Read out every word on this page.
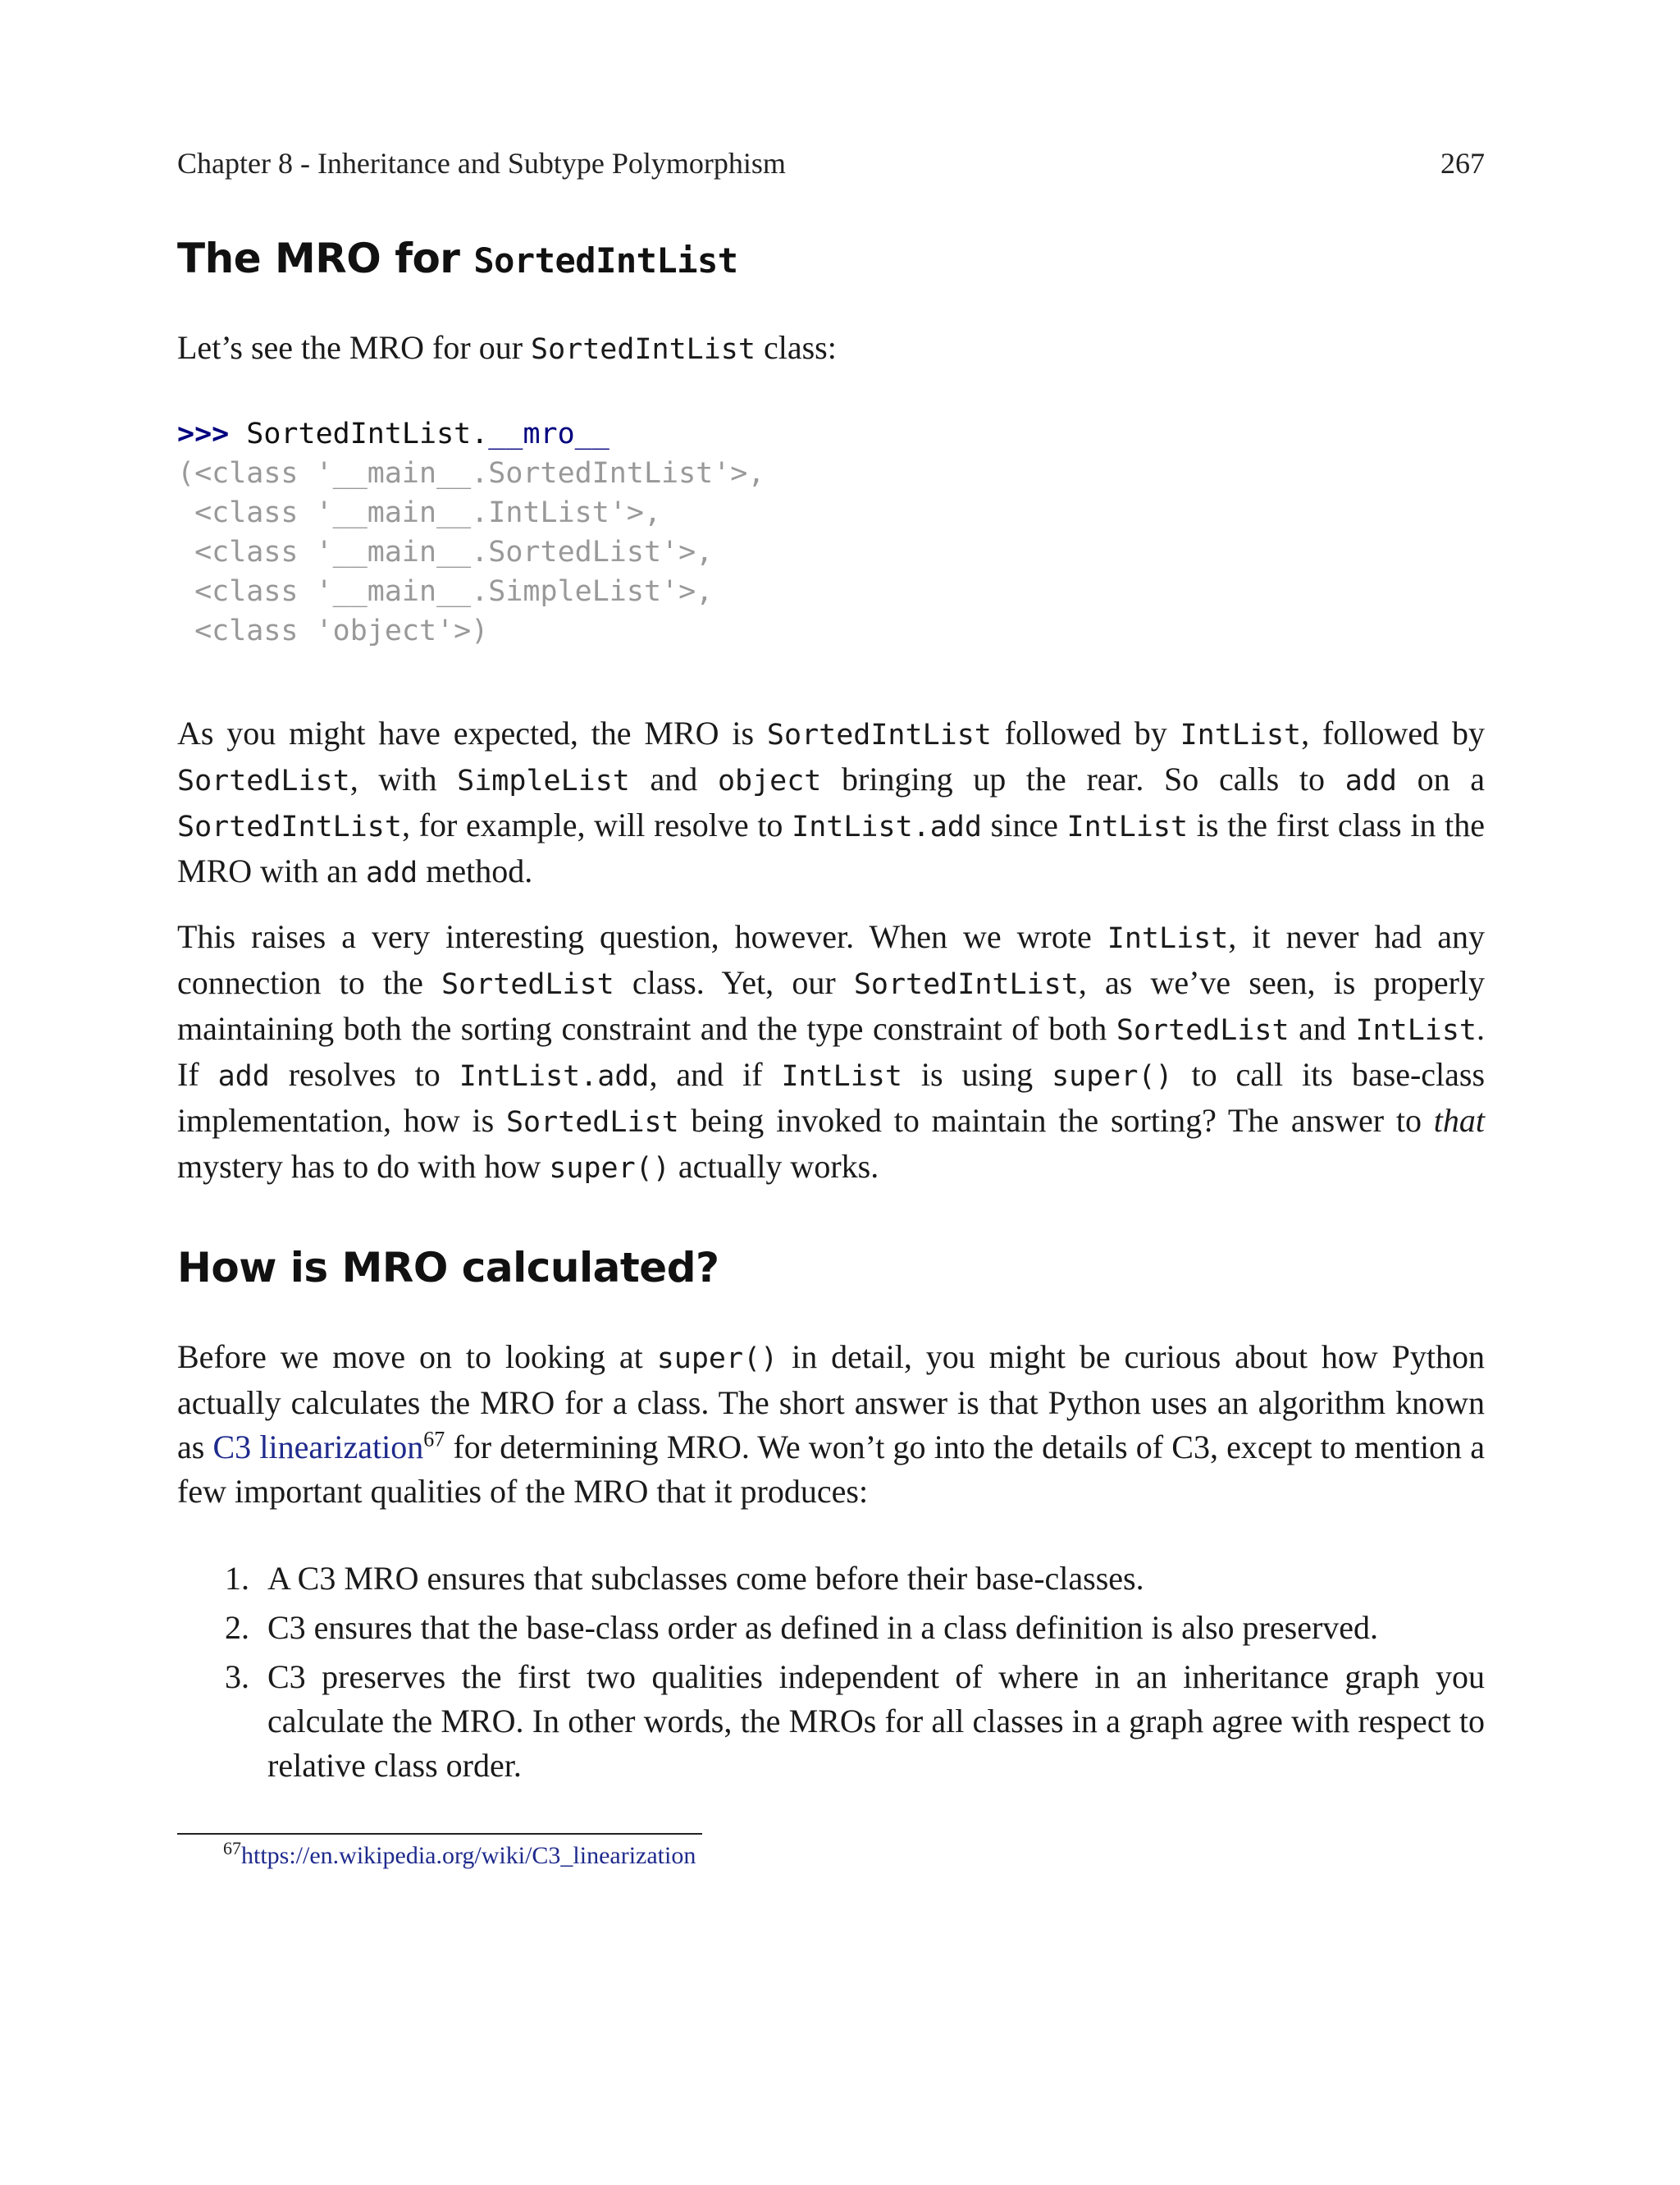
Chapter 8 - Inheritance and Subtype Polymorphism	267
The MRO for SortedIntList

Let’s see the MRO for our SortedIntList class:

>>> SortedIntList.__mro__
(<class '__main__.SortedIntList'>,
<class '__main__.IntList'>,
<class '__main__.SortedList'>,
<class '__main__.SimpleList'>,
<class 'object'>)

As you might have expected, the MRO is SortedIntList followed by IntList, followed by SortedList, with SimpleList and object bringing up the rear. So calls to add on a SortedIntList, for example, will resolve to IntList.add since IntList is the first class in the MRO with an add method.

This raises a very interesting question, however. When we wrote IntList, it never had any connection to the SortedList class. Yet, our SortedIntList, as we’ve seen, is properly maintaining both the sorting constraint and the type constraint of both SortedList and IntList. If add resolves to IntList.add, and if IntList is using super() to call its base-class implementation, how is SortedList being invoked to maintain the sorting? The answer to that mystery has to do with how super() actually works.

How is MRO calculated?

Before we move on to looking at super() in detail, you might be curious about how Python actually calculates the MRO for a class. The short answer is that Python uses an algorithm known as C3 linearization$^{67}$ for determining MRO. We won’t go into the details of C3, except to mention a few important qualities of the MRO that it produces:

1. A C3 MRO ensures that subclasses come before their base-classes.
2. C3 ensures that the base-class order as defined in a class definition is also preserved.
3. C3 preserves the first two qualities independent of where in an inheritance graph you calculate the MRO. In other words, the MROs for all classes in a graph agree with respect to relative class order.
$^{67}$https://en.wikipedia.org/wiki/C3_linearization
